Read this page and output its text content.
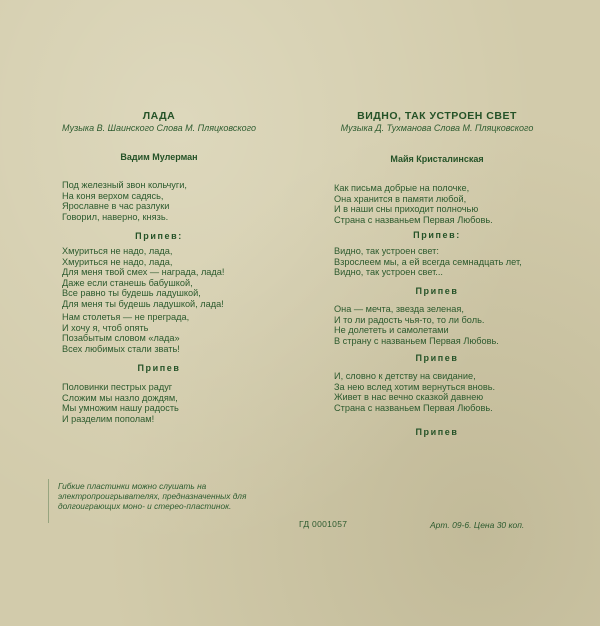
ЛАДА
Музыка В. Шаинского Слова М. Пляцковского
Вадим Мулерман
Под железный звон кольчуги,
На коня верхом садясь,
Ярославне в час разлуки
Говорил, наверно, князь.
Припев:
Хмуриться не надо, лада,
Хмуриться не надо, лада,
Для меня твой смех — награда, лада!
Даже если станешь бабушкой,
Все равно ты будешь ладушкой,
Для меня ты будешь ладушкой, лада!
Нам столетья — не преграда,
И хочу я, чтоб опять
Позабытым словом «лада»
Всех любимых стали звать!
Припев
Половинки пестрых радуг
Сложим мы назло дождям,
Мы умножим нашу радость
И разделим пополам!
ВИДНО, ТАК УСТРОЕН СВЕТ
Музыка Д. Тухманова Слова М. Пляцковского
Майя Кристалинская
Как письма добрые на полочке,
Она хранится в памяти любой,
И в наши сны приходит полночью
Страна с названьем Первая Любовь.
Припев:
Видно, так устроен свет:
Взрослеем мы, а ей всегда семнадцать лет,
Видно, так устроен свет...
Припев
Она — мечта, звезда зеленая,
И то ли радость чья-то, то ли боль.
Не долететь и самолетами
В страну с названьем Первая Любовь.
Припев
И, словно к детству на свидание,
За нею вслед хотим вернуться вновь.
Живет в нас вечно сказкой давнею
Страна с названьем Первая Любовь.
Припев
Гибкие пластинки можно слушать на электропроигрывателях, предназначенных для долгоиграющих моно- и стерео-пластинок.
ГД 0001057	Арт. 09-6. Цена 30 коп.
